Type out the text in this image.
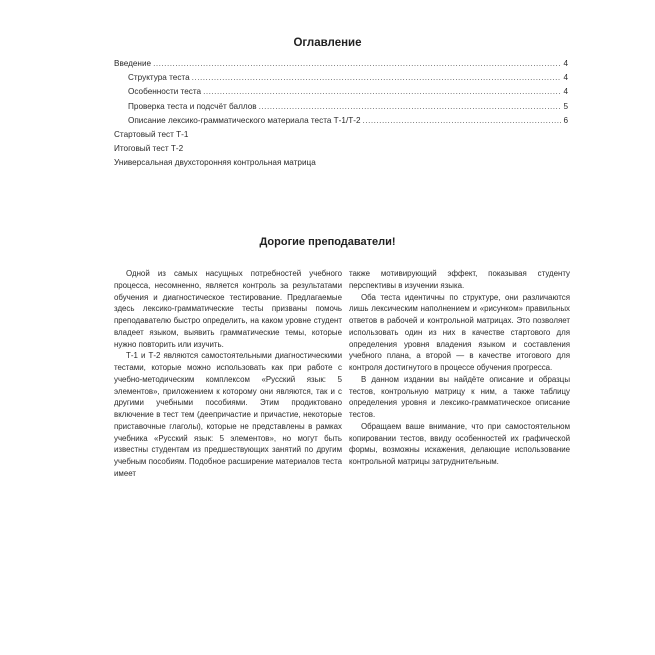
Оглавление
Введение .....	4
Структура теста .....	4
Особенности теста .....	4
Проверка теста и подсчёт баллов .....	5
Описание лексико-грамматического материала теста Т-1/Т-2 .....	6
Стартовый тест Т-1
Итоговый тест Т-2
Универсальная двухсторонняя контрольная матрица
Дорогие преподаватели!

Одной из самых насущных потребностей учебного процесса, несомненно, является контроль за результатами обучения и диагностическое тестирование. Предлагаемые здесь лексико-грамматические тесты призваны помочь преподавателю быстро определить, на каком уровне студент владеет языком, выявить грамматические темы, которые нужно повторить или изучить.

Т-1 и Т-2 являются самостоятельными диагностическими тестами, которые можно использовать как при работе с учебно-методическим комплексом «Русский язык: 5 элементов», приложением к которому они являются, так и с другими учебными пособиями. Этим продиктовано включение в тест тем (деепричастие и причастие, некоторые приставочные глаголы), которые не представлены в рамках учебника «Русский язык: 5 элементов», но могут быть известны студентам из предшествующих занятий по другим учебным пособиям. Подобное расширение материалов теста имеет

также мотивирующий эффект, показывая студенту перспективы в изучении языка.

Оба теста идентичны по структуре, они различаются лишь лексическим наполнением и «рисунком» правильных ответов в рабочей и контрольной матрицах. Это позволяет использовать один из них в качестве стартового для определения уровня владения языком и составления учебного плана, а второй — в качестве итогового для контроля достигнутого в процессе обучения прогресса.

В данном издании вы найдёте описание и образцы тестов, контрольную матрицу к ним, а также таблицу определения уровня и лексико-грамматическое описание тестов.

Обращаем ваше внимание, что при самостоятельном копировании тестов, ввиду особенностей их графической формы, возможны искажения, делающие использование контрольной матрицы затруднительным.
